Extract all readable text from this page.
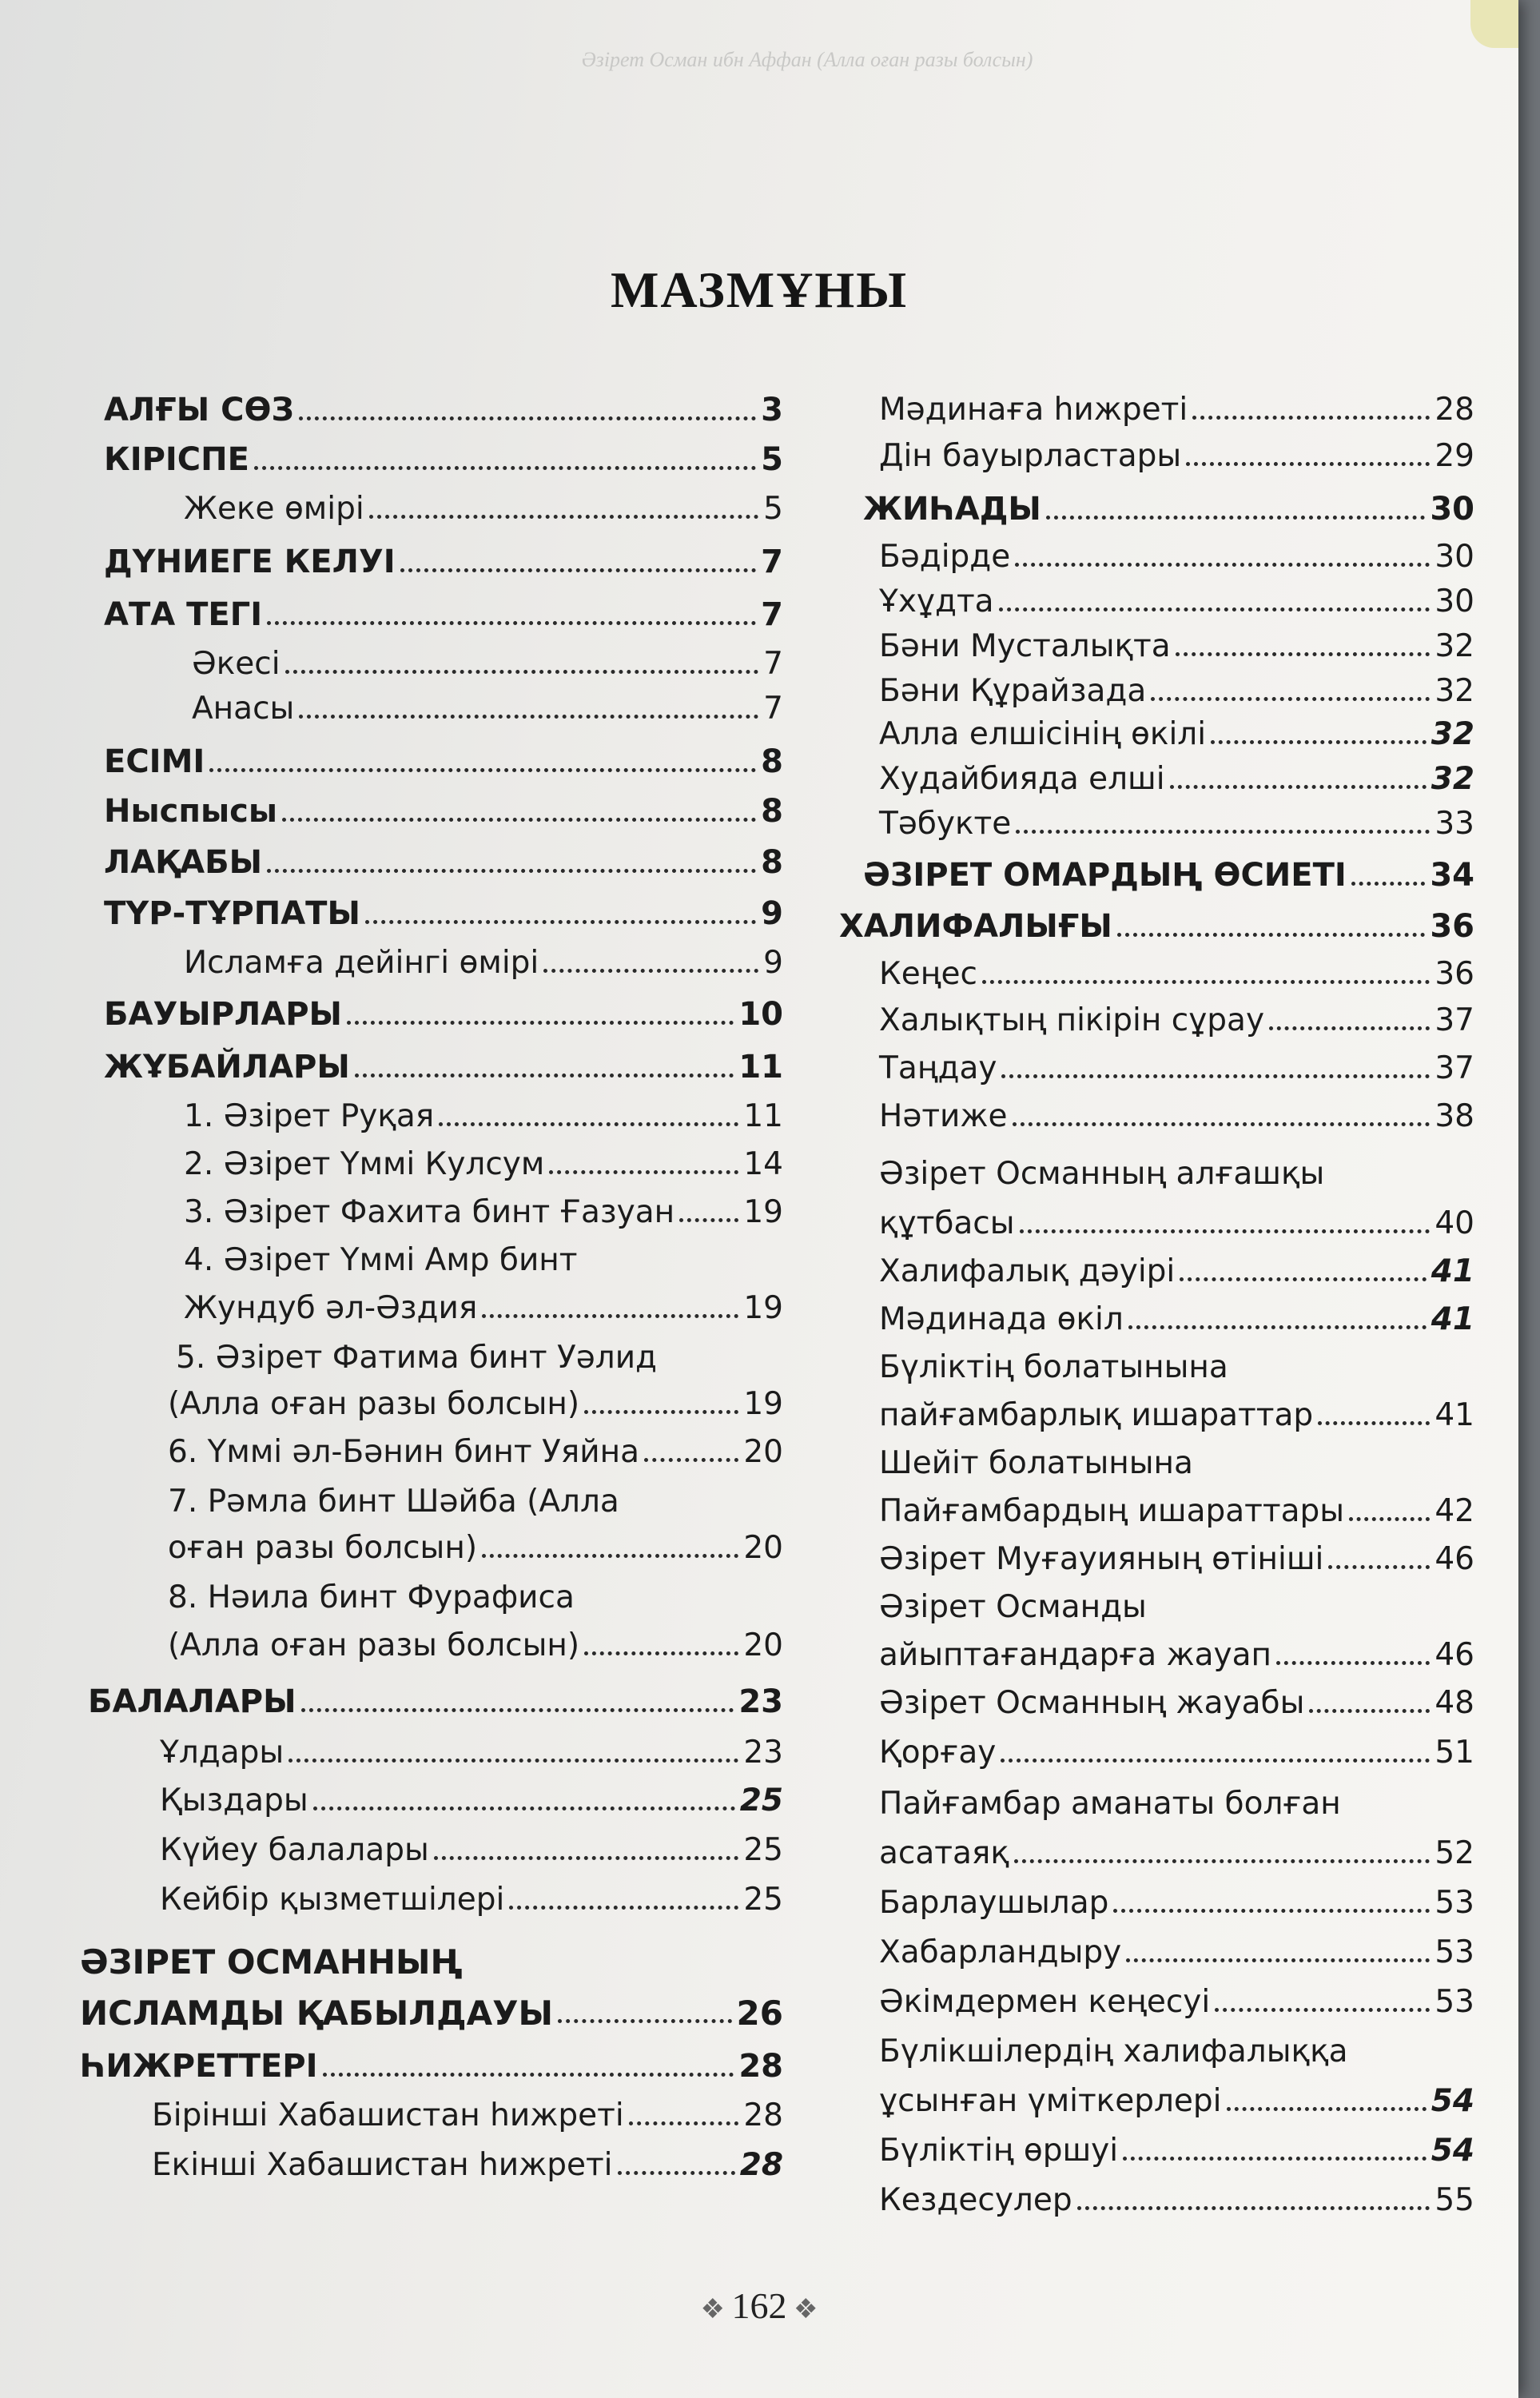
Әзірет Осман ибн Аффан (Алла оған разы болсын)
МАЗМҰНЫ
АЛҒЫ СӨЗ	3
КІРІСПЕ	5
Жеке өмірі	5
ДҮНИЕГЕ КЕЛУІ	7
АТА ТЕГІ	7
Әкесі	7
Анасы	7
ЕСІМІ	8
Ныспысы	8
ЛАҚАБЫ	8
ТҮР-ТҰРПАТЫ	9
Исламға дейінгі өмірі	9
БАУЫРЛАРЫ	10
ЖҰБАЙЛАРЫ	11
1. Әзірет Руқая	11
2. Әзірет Үммі Кулсум	14
3. Әзірет Фахита бинт Ғазуан 19
4. Әзірет Үммі Амр бинт
Жундуб әл-Әздия	19
5. Әзірет Фатима бинт Уәлид
(Алла оған разы болсын)	19
6. Үммі әл-Бәнин бинт Уяйна	20
7. Рәмла бинт Шәйба (Алла
оған разы болсын)	20
8. Нәила бинт Фурафиса
(Алла оған разы болсын)	20
БАЛАЛАРЫ	23
Ұлдары	23
Қыздары	25
Күйеу балалары	25
Кейбір қызметшілері	25
ӘЗІРЕТ ОСМАННЫҢ
ИСЛАМДЫ ҚАБЫЛДАУЫ	26
ҺИЖРЕТТЕРІ	28
Бірінші Хабашистан һижреті	28
Екінші Хабашистан һижреті	28
Мәдинаға һижреті	28
Дін бауырластары	29
ЖИҺАДЫ	30
Бәдірде	30
Ұхұдта	30
Бәни Мусталықта	32
Бәни Құрайзада	32
Алла елшісінің өкілі	32
Худайбияда елші	32
Тәбукте	33
ӘЗІРЕТ ОМАРДЫҢ ӨСИЕТІ	34
ХАЛИФАЛЫҒЫ	36
Кеңес	36
Халықтың пікірін сұрау	37
Таңдау	37
Нәтиже	38
Әзірет Османның алғашқы
құтбасы	40
Халифалық дәуірі	41
Мәдинада өкіл	41
Бүліктің болатынына
пайғамбарлық ишараттар	41
Шейіт болатынына
Пайғамбардың ишараттары	42
Әзірет Муғауияның өтініші	46
Әзірет Османды
айыптағандарға жауап	46
Әзірет Османның жауабы	48
Қорғау	51
Пайғамбар аманаты болған
асатаяқ	52
Барлаушылар	53
Хабарландыру	53
Әкімдермен кеңесуі	53
Бүлікшілердің халифалыққа
ұсынған үміткерлері	54
Бүліктің өршуі	54
Кездесулер	55
❖ 162 ❖
